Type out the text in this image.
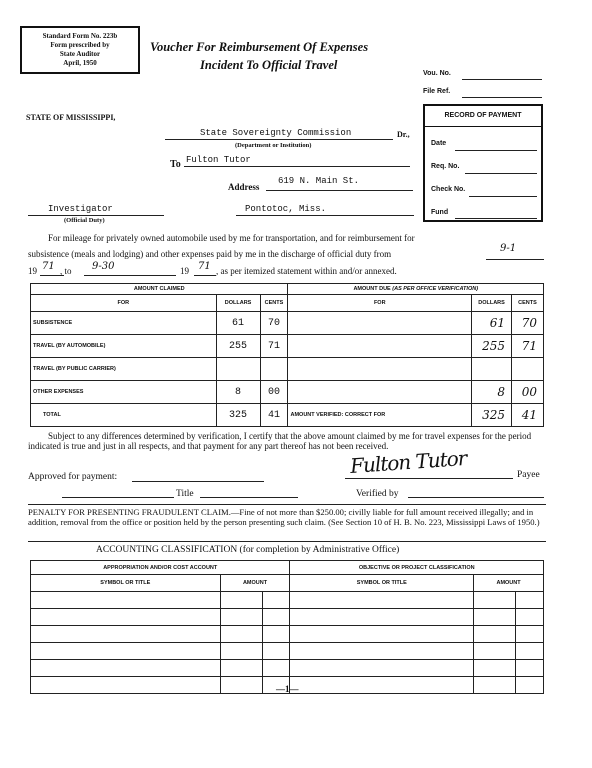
Standard Form No. 223b
Form prescribed by
State Auditor
April, 1950
Voucher For Reimbursement Of Expenses
Incident To Official Travel
Vou. No.
File Ref.
RECORD OF PAYMENT
Date
Req. No.
Check No.
Fund
STATE OF MISSISSIPPI,
State Sovereignty Commission	Dr.,
(Department or Institution)
To Fulton Tutor
Address
619 N. Main St.
Investigator
(Official Duty)
Pontotoc, Miss.
For mileage for privately owned automobile used by me for transportation, and for reimbursement for
subsistence (meals and lodging) and other expenses paid by me in the discharge of official duty from	9-1
19 71 , to 9-30	19 71 , as per itemized statement within and/or annexed.
AMOUNT CLAIMED			AMOUNT DUE (AS PER OFFICE VERIFICATION)		
FOR	DOLLARS	CENTS	FOR	DOLLARS	CENTS
SUBSISTENCE	61	70		61	70
TRAVEL (BY AUTOMOBILE)	255	71		255	71
TRAVEL (BY PUBLIC CARRIER)					
OTHER EXPENSES	8	00		8	00
TOTAL	325	41	AMOUNT VERIFIED: CORRECT FOR	325	41
Subject to any differences determined by verification, I certify that the above amount claimed by me for travel expenses for the period indicated is true and just in all respects, and that payment for any part thereof has not been received.
Approved for payment:	Fulton Tutor	Payee
Title	Verified by
PENALTY FOR PRESENTING FRAUDULENT CLAIM.—Fine of not more than $250.00; civilly liable for full amount received illegally; and in addition, removal from the office or position held by the person presenting such claim. (See Section 10 of H. B. No. 223, Mississippi Laws of 1950.)
ACCOUNTING CLASSIFICATION (for completion by Administrative Office)
APPROPRIATION AND/OR COST ACCOUNT			OBJECTIVE OR PROJECT CLASSIFICATION		
SYMBOL OR TITLE	AMOUNT		SYMBOL OR TITLE	AMOUNT	

—1—
